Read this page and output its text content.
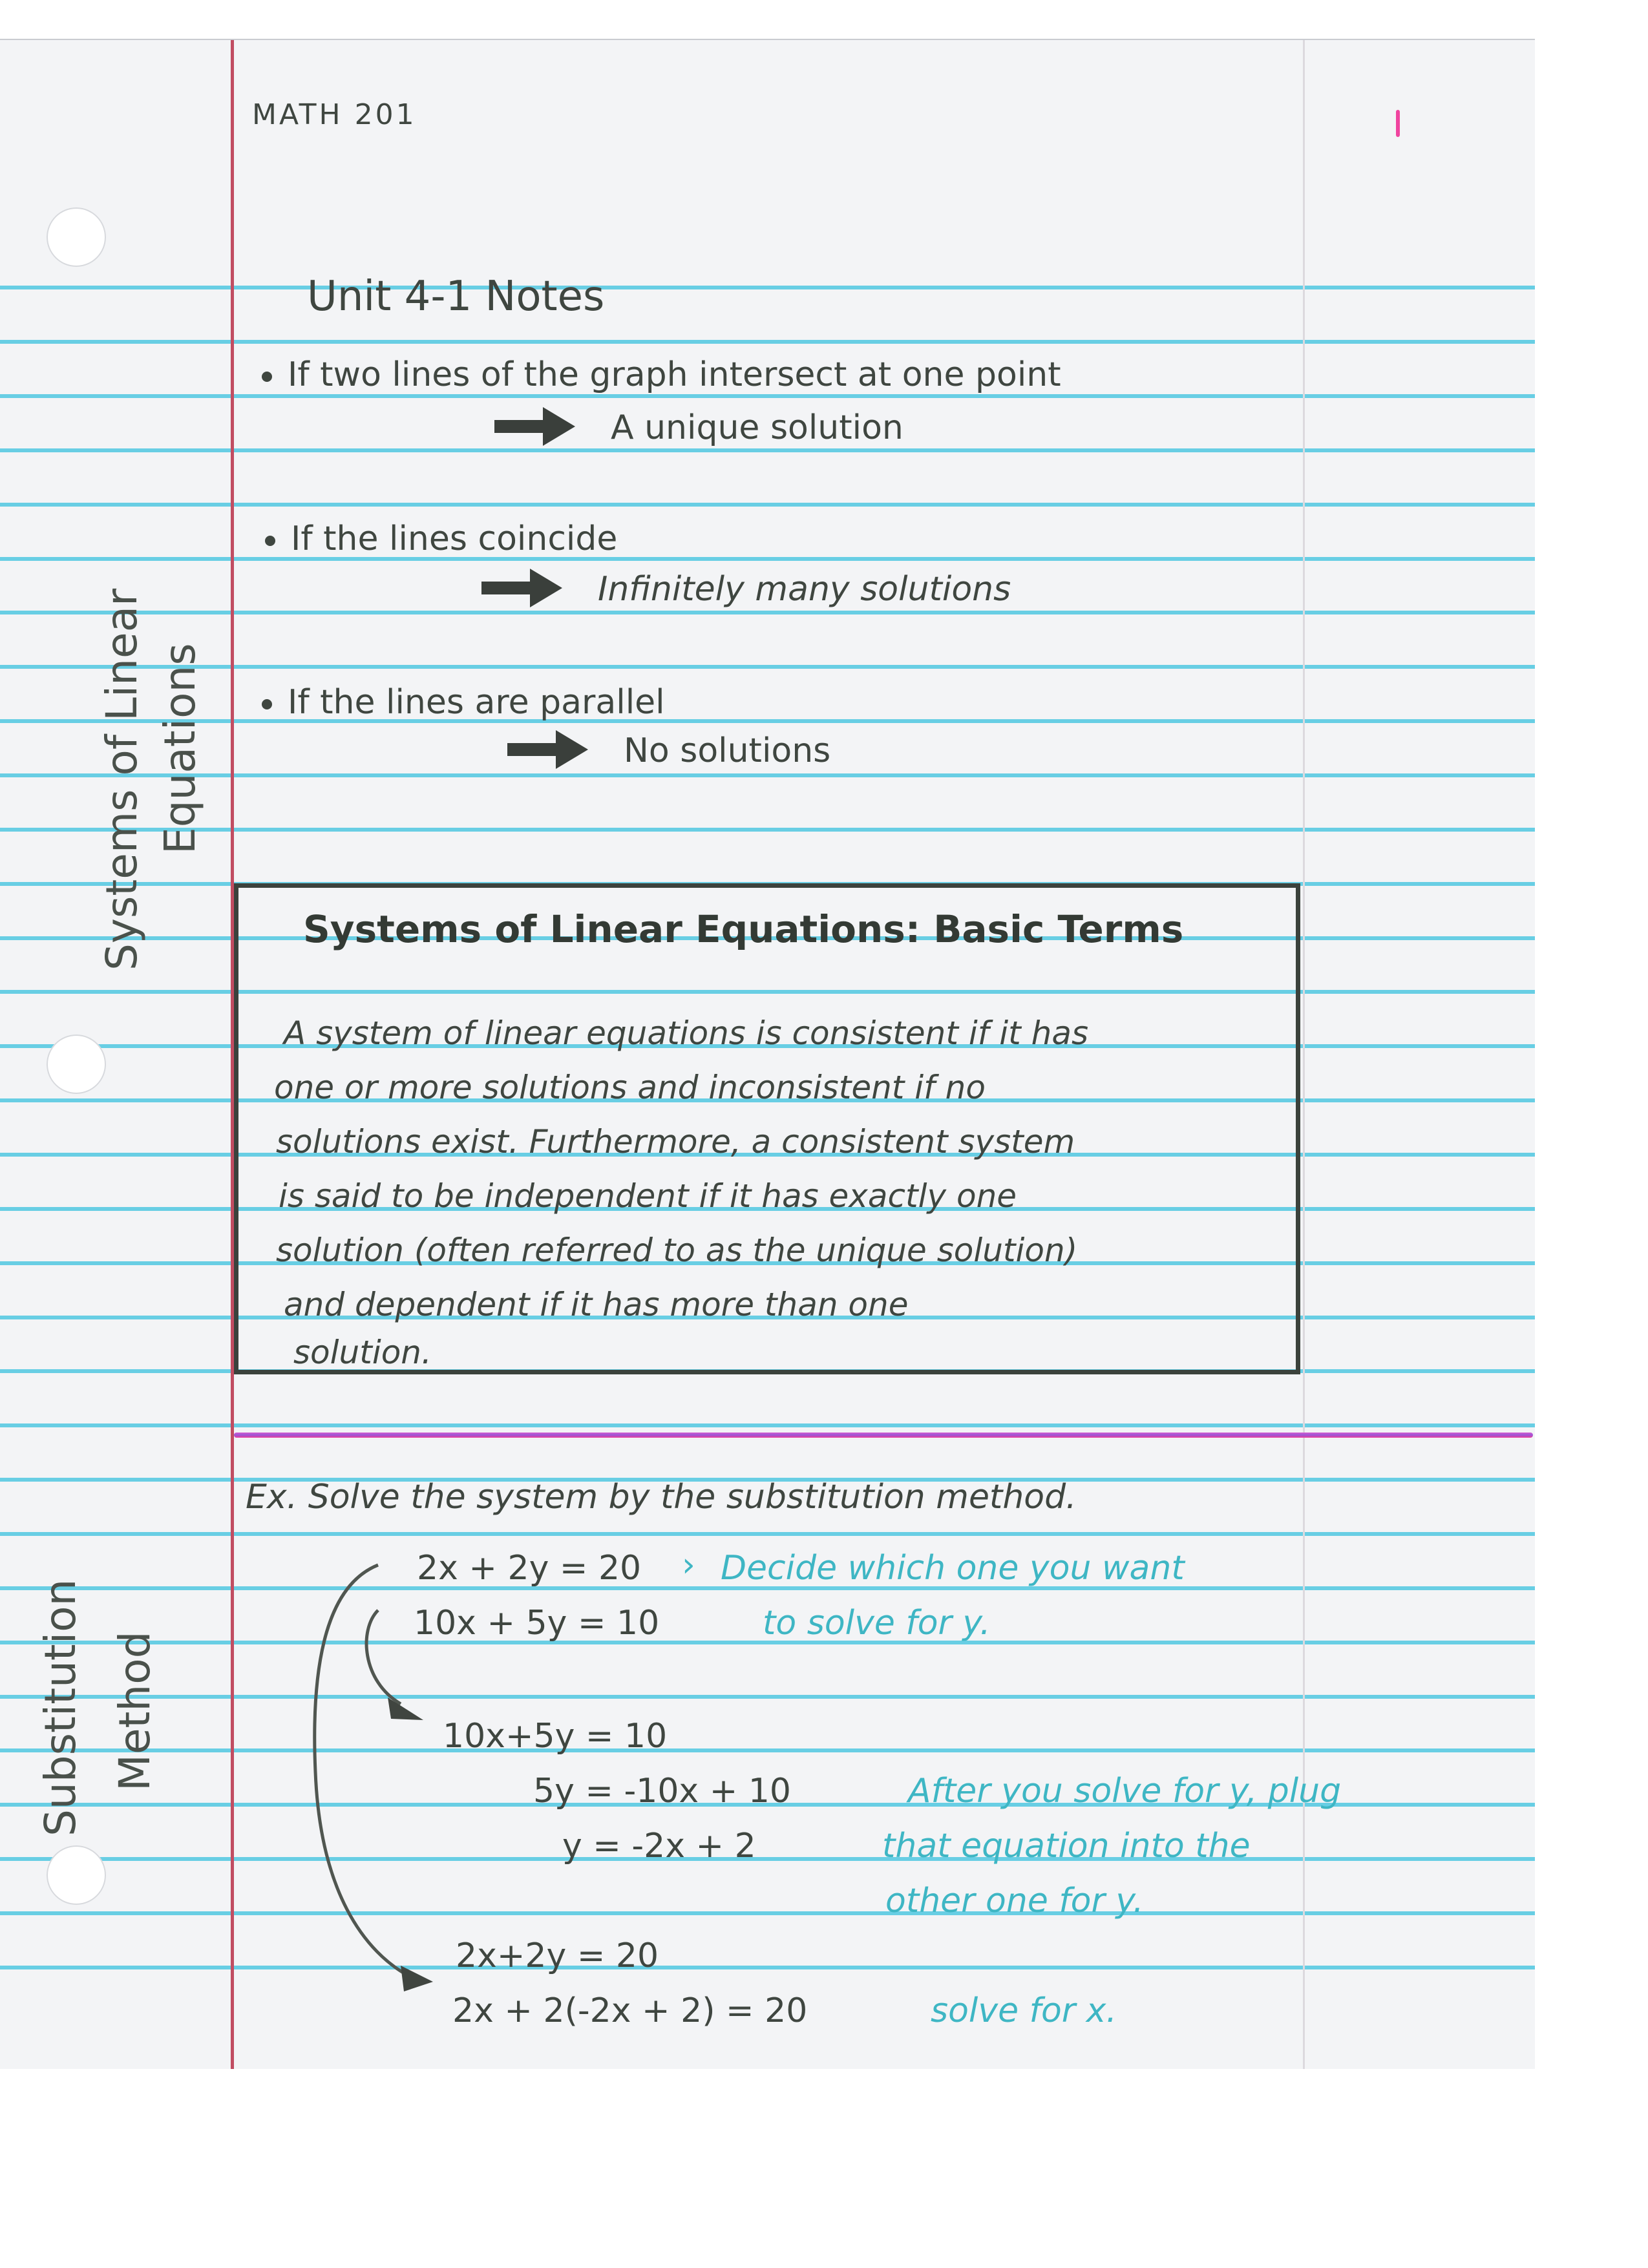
MATH 201
Unit 4-1 Notes
Systems of Linear Equations
Substitution Method
If two lines of the graph intersect at one point
A unique solution
If the lines coincide
Infinitely many solutions
If the lines are parallel
No solutions
Systems of Linear Equations: Basic Terms
A system of linear equations is consistent if it has
one or more solutions and inconsistent if no
solutions exist. Furthermore, a consistent system
is said to be independent if it has exactly one
solution (often referred to as the unique solution)
and dependent if it has more than one
solution.
Ex. Solve the system by the substitution method.
2x + 2y = 20
10x + 5y = 10
› Decide which one you want
to solve for y.
10x+5y = 10
5y = -10x + 10
y = -2x + 2
After you solve for y, plug
that equation into the
other one for y.
2x+2y = 20
2x + 2(-2x + 2) = 20	solve for x.
